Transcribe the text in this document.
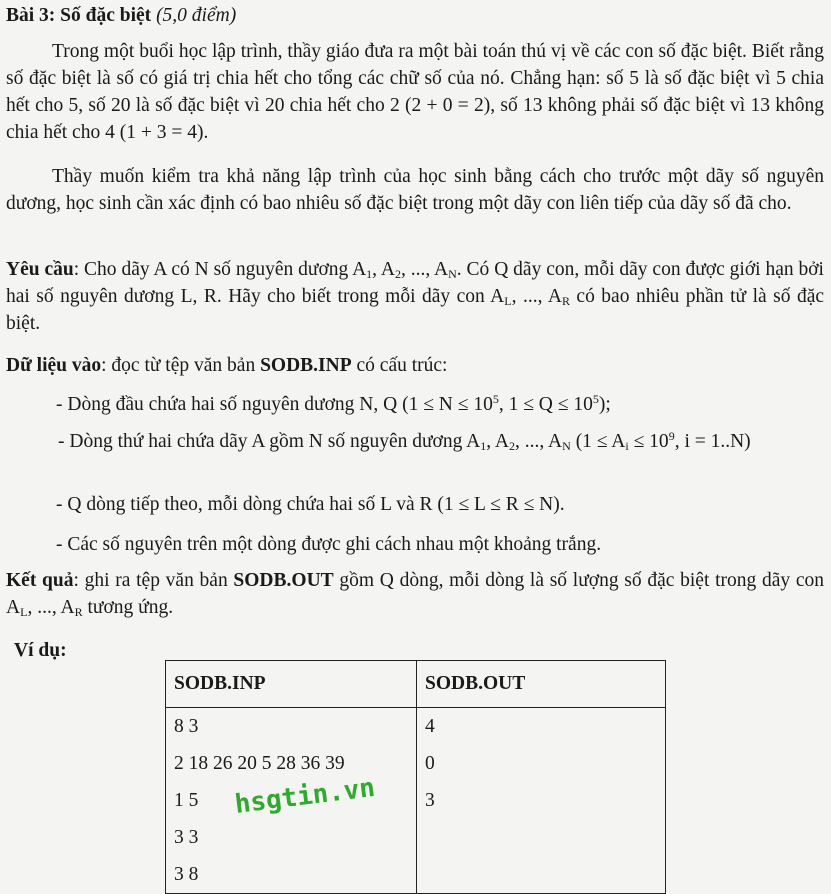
Bài 3: Số đặc biệt (5,0 điểm)

Trong một buổi học lập trình, thầy giáo đưa ra một bài toán thú vị về các con số đặc biệt. Biết rằng số đặc biệt là số có giá trị chia hết cho tổng các chữ số của nó. Chẳng hạn: số 5 là số đặc biệt vì 5 chia hết cho 5, số 20 là số đặc biệt vì 20 chia hết cho 2 (2 + 0 = 2), số 13 không phải số đặc biệt vì 13 không chia hết cho 4 (1 + 3 = 4).

Thầy muốn kiểm tra khả năng lập trình của học sinh bằng cách cho trước một dãy số nguyên dương, học sinh cần xác định có bao nhiêu số đặc biệt trong một dãy con liên tiếp của dãy số đã cho.

Yêu cầu: Cho dãy A có N số nguyên dương $A_1$, $A_2$, ..., $A_N$. Có Q dãy con, mỗi dãy con được giới hạn bởi hai số nguyên dương L, R. Hãy cho biết trong mỗi dãy con $A_L$, ..., $A_R$ có bao nhiêu phần tử là số đặc biệt.

Dữ liệu vào: đọc từ tệp văn bản SODB.INP có cấu trúc:

- Dòng đầu chứa hai số nguyên dương N, Q ($1 \le N \le 10^5$, $1 \le Q \le 10^5$);

- Dòng thứ hai chứa dãy A gồm N số nguyên dương $A_1$, $A_2$, ..., $A_N$ ($1 \le A_i \le 10^9$, i = 1..N)

- Q dòng tiếp theo, mỗi dòng chứa hai số L và R (1 ≤ L ≤ R ≤ N).

- Các số nguyên trên một dòng được ghi cách nhau một khoảng trắng.

Kết quả: ghi ra tệp văn bản SODB.OUT gồm Q dòng, mỗi dòng là số lượng số đặc biệt trong dãy con $A_L$, ..., $A_R$ tương ứng.

Ví dụ:

SODB.INP	SODB.OUT
8 3	4
2 18 26 20 5 28 36 39	0
1 5	3
3 3	
3 8	
hsgtin.vn
